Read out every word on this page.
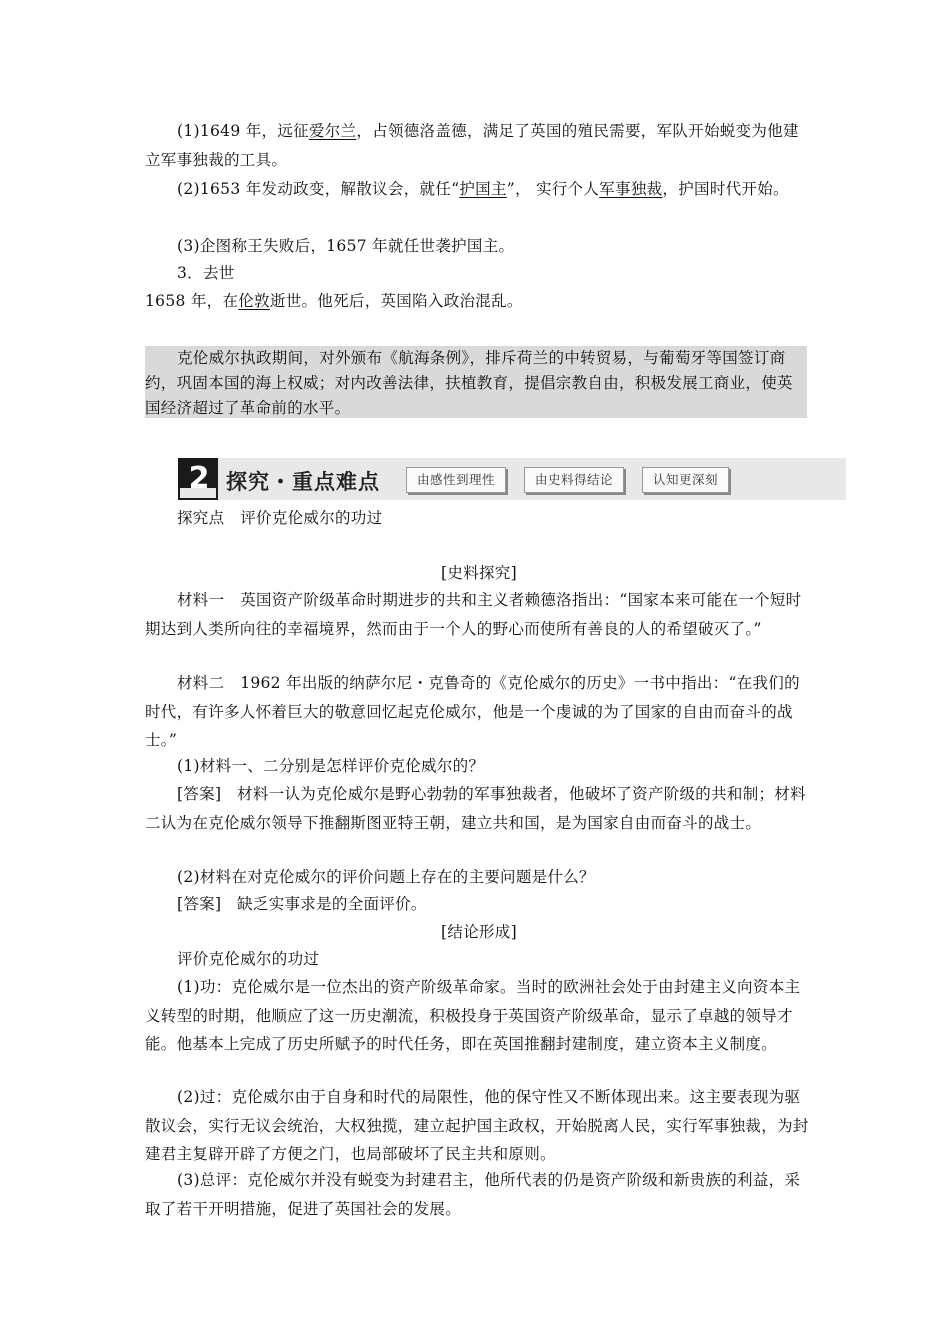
(1)1649 年，远征爱尔兰，占领德洛盖德，满足了英国的殖民需要，军队开始蜕变为他建立军事独裁的工具。

(2)1653 年发动政变，解散议会，就任“护国主”， 实行个人军事独裁，护国时代开始。

(3)企图称王失败后，1657 年就任世袭护国主。

3．去世

1658 年，在伦敦逝世。他死后，英国陷入政治混乱。

克伦威尔执政期间，对外颁布《航海条例》，排斥荷兰的中转贸易，与葡萄牙等国签订商约，巩固本国的海上权威；对内改善法律，扶植教育，提倡宗教自由，积极发展工商业，使英国经济超过了革命前的水平。

2 探究・重点难点	由感性到理性	由史料得结论	认知更深刻

探究点　评价克伦威尔的功过

[史料探究]

材料一　英国资产阶级革命时期进步的共和主义者赖德洛指出：“国家本来可能在一个短时期达到人类所向往的幸福境界，然而由于一个人的野心而使所有善良的人的希望破灭了。”

材料二　1962 年出版的纳萨尔尼・克鲁奇的《克伦威尔的历史》一书中指出：“在我们的时代，有许多人怀着巨大的敬意回忆起克伦威尔，他是一个虔诚的为了国家的自由而奋斗的战士。”

(1)材料一、二分别是怎样评价克伦威尔的？

[答案]　材料一认为克伦威尔是野心勃勃的军事独裁者，他破坏了资产阶级的共和制；材料二认为在克伦威尔领导下推翻斯图亚特王朝，建立共和国，是为国家自由而奋斗的战士。

(2)材料在对克伦威尔的评价问题上存在的主要问题是什么？

[答案]　缺乏实事求是的全面评价。

[结论形成]

评价克伦威尔的功过

(1)功：克伦威尔是一位杰出的资产阶级革命家。当时的欧洲社会处于由封建主义向资本主义转型的时期，他顺应了这一历史潮流，积极投身于英国资产阶级革命，显示了卓越的领导才能。他基本上完成了历史所赋予的时代任务，即在英国推翻封建制度，建立资本主义制度。

(2)过：克伦威尔由于自身和时代的局限性，他的保守性又不断体现出来。这主要表现为驱散议会，实行无议会统治，大权独揽，建立起护国主政权，开始脱离人民，实行军事独裁，为封建君主复辟开辟了方便之门，也局部破坏了民主共和原则。

(3)总评：克伦威尔并没有蜕变为封建君主，他所代表的仍是资产阶级和新贵族的利益，采取了若干开明措施，促进了英国社会的发展。
